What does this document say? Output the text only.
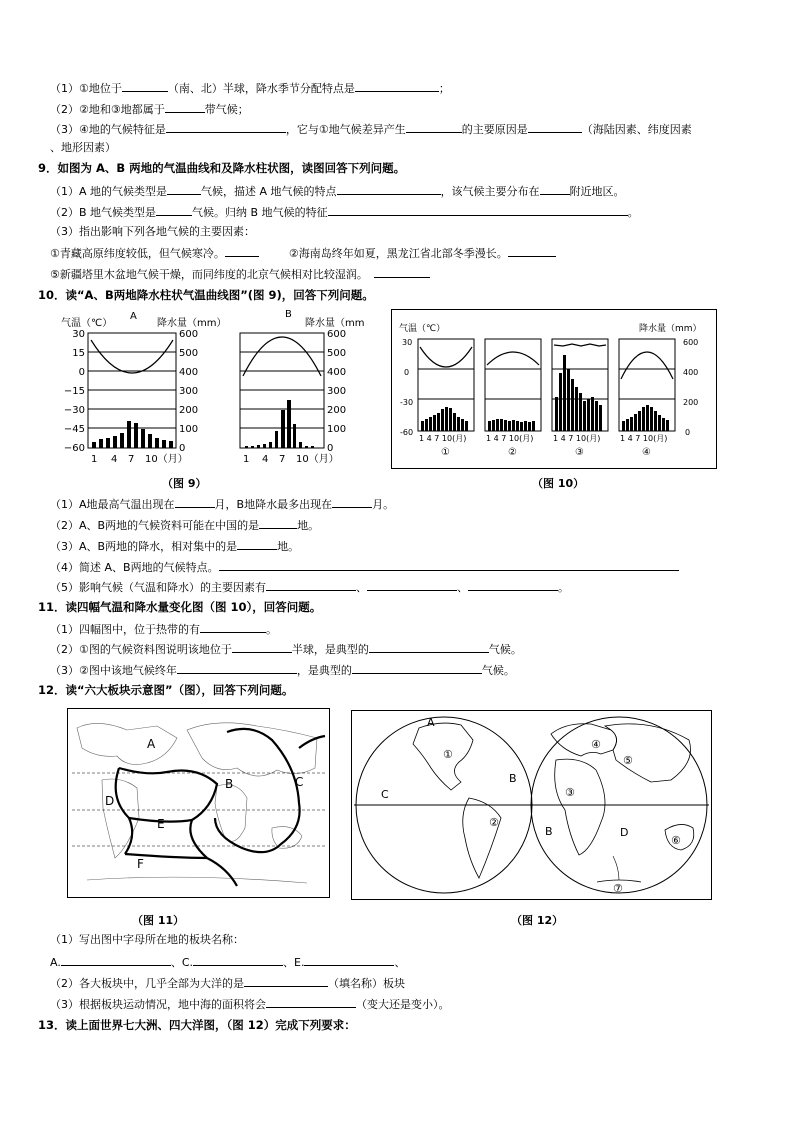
（1）①地位于	（南、北）半球，降水季节分配特点是	；
（2）②地和③地都属于	带气候；
（3）④地的气候特征是	，它与①地气候差异产生	的主要原因是	（海陆因素、纬度因素
、地形因素）
9．如图为 A、B 两地的气温曲线和及降水柱状图，读图回答下列问题。
（1）A 地的气候类型是	气候，描述 A 地气候的特点	，该气候主要分布在	附近地区。
（2）B 地气候类型是	气候。归纳 B 地气候的特征	。
（3）指出影响下列各地气候的主要因素：
①青藏高原纬度较低，但气候寒冷。	②海南岛终年如夏，黑龙江省北部冬季漫长。
⑤新疆塔里木盆地气候干燥，而同纬度的北京气候相对比较湿润。
10．读“A、B两地降水柱状气温曲线图”(图 9)，回答下列问题。
气温（℃）
A
降水量（mm）
B
降水量（mm
30
15
0
−15
−30
−45
−60
600
500
400
300
200
100
0
1 4 7 10（月）
600
500
400
300
200
100
0
1 4 7 10（月）
气温（℃）	降水量（mm）
30
0
-30
-60
600
400
200
0
1 4 7 10(月) 1 4 7 10(月) 1 4 7 10(月) 1 4 7 10(月)
①	②	③	④
（图 9）	（图 10）
（1）A地最高气温出现在	月，B地降水最多出现在	月。
（2）A、B两地的气候资料可能在中国的是	地。
（3）A、B两地的降水，相对集中的是	地。
（4）简述 A、B两地的气候特点。
（5）影响气候（气温和降水）的主要因素有	、	、	。
11．读四幅气温和降水量变化图（图 10），回答问题。
（1）四幅图中，位于热带的有	。
（2）①图的气候资料图说明该地位于	半球，是典型的	气候。
（3）②图中该地气候终年	，是典型的	气候。
12．读“六大板块示意图”（图），回答下列问题。
A
B	C
D
E
F
A
C
B
B	D
①
②
③
④
⑤
⑥
⑦
（图 11）	（图 12）
（1）写出图中字母所在地的板块名称：
A.	、C.	、E.	、
（2）各大板块中，几乎全部为大洋的是	（填名称）板块
（3）根据板块运动情况，地中海的面积将会	（变大还是变小）。
13．读上面世界七大洲、四大洋图，（图 12）完成下列要求：
